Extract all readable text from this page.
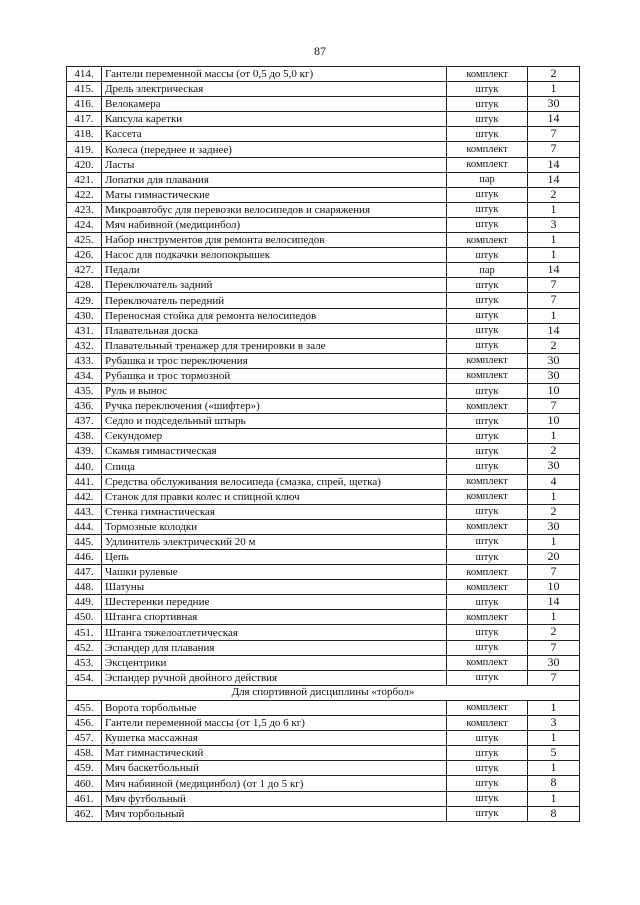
87
414.	Гантели переменной массы (от 0,5 до 5,0 кг)	комплект	2
415.	Дрель электрическая	штук	1
416.	Велокамера	штук	30
417.	Капсула каретки	штук	14
418.	Кассета	штук	7
419.	Колеса (переднее и заднее)	комплект	7
420.	Ласты	комплект	14
421.	Лопатки для плавания	пар	14
422.	Маты гимнастические	штук	2
423.	Микроавтобус для перевозки велосипедов и снаряжения	штук	1
424.	Мяч набивной (медицинбол)	штук	3
425.	Набор инструментов для ремонта велосипедов	комплект	1
426.	Насос для подкачки велопокрышек	штук	1
427.	Педали	пар	14
428.	Переключатель задний	штук	7
429.	Переключатель передний	штук	7
430.	Переносная стойка для ремонта велосипедов	штук	1
431.	Плавательная доска	штук	14
432.	Плавательный тренажер для тренировки в зале	штук	2
433.	Рубашка и трос переключения	комплект	30
434.	Рубашка и трос тормозной	комплект	30
435.	Руль и вынос	штук	10
436.	Ручка переключения («шифтер»)	комплект	7
437.	Седло и подседельный штырь	штук	10
438.	Секундомер	штук	1
439.	Скамья гимнастическая	штук	2
440.	Спица	штук	30
441.	Средства обслуживания велосипеда (смазка, спрей, щетка)	комплект	4
442.	Станок для правки колес и спицной ключ	комплект	1
443.	Стенка гимнастическая	штук	2
444.	Тормозные колодки	комплект	30
445.	Удлинитель электрический 20 м	штук	1
446.	Цепь	штук	20
447.	Чашки рулевые	комплект	7
448.	Шатуны	комплект	10
449.	Шестеренки передние	штук	14
450.	Штанга спортивная	комплект	1
451.	Штанга тяжелоатлетическая	штук	2
452.	Эспандер для плавания	штук	7
453.	Эксцентрики	комплект	30
454.	Эспандер ручной двойного действия	штук	7
Для спортивной дисциплины «торбол»			
455.	Ворота торбольные	комплект	1
456.	Гантели переменной массы (от 1,5 до 6 кг)	комплект	3
457.	Кушетка массажная	штук	1
458.	Мат гимнастический	штук	5
459.	Мяч баскетбольный	штук	1
460.	Мяч набивной (медицинбол) (от 1 до 5 кг)	штук	8
461.	Мяч футбольный	штук	1
462.	Мяч торбольный	штук	8
